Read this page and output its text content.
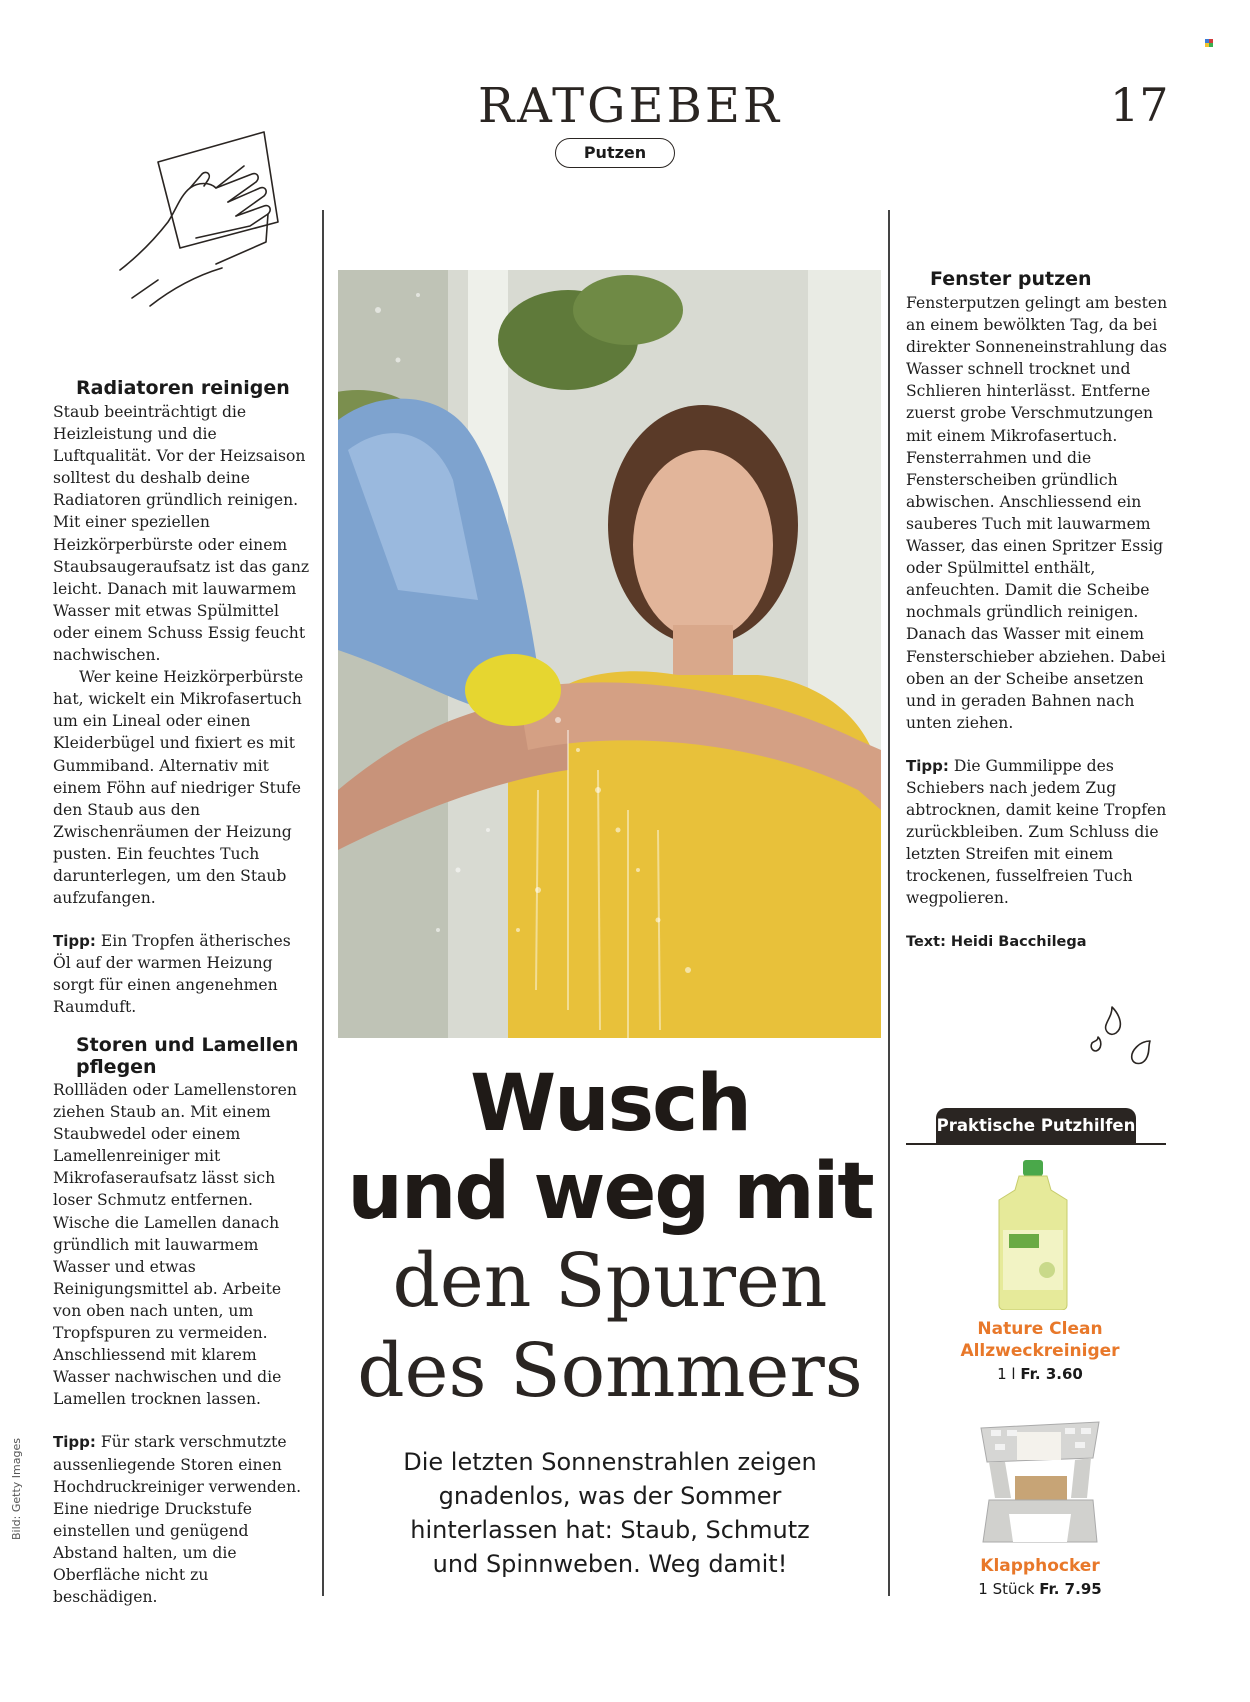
RATGEBER
Putzen
17
Radiatoren reinigen

Staub beeinträchtigt die Heizleistung und die Luftqualität. Vor der Heizsaison solltest du deshalb deine Radiatoren gründlich reinigen. Mit einer speziellen Heizkörperbürste oder einem Staubsaugeraufsatz ist das ganz leicht. Danach mit lauwarmem Wasser mit etwas Spülmittel oder einem Schuss Essig feucht nachwischen.

Wer keine Heizkörperbürste hat, wickelt ein Mikrofasertuch um ein Lineal oder einen Kleiderbügel und fixiert es mit Gummiband. Alternativ mit einem Föhn auf niedriger Stufe den Staub aus den Zwischenräumen der Heizung pusten. Ein feuchtes Tuch darunterlegen, um den Staub aufzufangen.

Tipp: Ein Tropfen ätherisches Öl auf der warmen Heizung sorgt für einen angenehmen Raumduft.

Storen und Lamellen pflegen

Rollläden oder Lamellenstoren ziehen Staub an. Mit einem Staubwedel oder einem Lamellenreiniger mit Mikrofaseraufsatz lässt sich loser Schmutz entfernen. Wische die Lamellen danach gründlich mit lauwarmem Wasser und etwas Reinigungsmittel ab. Arbeite von oben nach unten, um Tropfspuren zu vermeiden. Anschliessend mit klarem Wasser nachwischen und die Lamellen trocknen lassen.

Tipp: Für stark verschmutzte aussenliegende Storen einen Hochdruckreiniger verwenden. Eine niedrige Druckstufe einstellen und genügend Abstand halten, um die Oberfläche nicht zu beschädigen.

Bild: Getty Images
Wusch
und weg mit
den Spuren
des Sommers
Die letzten Sonnenstrahlen zeigen gnadenlos, was der Sommer hinterlassen hat: Staub, Schmutz und Spinnweben. Weg damit!
Fenster putzen

Fensterputzen gelingt am besten an einem bewölkten Tag, da bei direkter Sonneneinstrahlung das Wasser schnell trocknet und Schlieren hinterlässt. Entferne zuerst grobe Verschmutzungen mit einem Mikrofasertuch. Fensterrahmen und die Fensterscheiben gründlich abwischen. Anschliessend ein sauberes Tuch mit lauwarmem Wasser, das einen Spritzer Essig oder Spülmittel enthält, anfeuchten. Damit die Scheibe nochmals gründlich reinigen. Danach das Wasser mit einem Fensterschieber abziehen. Dabei oben an der Scheibe ansetzen und in geraden Bahnen nach unten ziehen.

Tipp: Die Gummilippe des Schiebers nach jedem Zug abtrocknen, damit keine Tropfen zurückbleiben. Zum Schluss die letzten Streifen mit einem trockenen, fusselfreien Tuch wegpolieren.

Text: Heidi Bacchilega

Praktische Putzhilfen
Nature Clean
Allzweckreiniger
1 l Fr. 3.60
Klapphocker
1 Stück Fr. 7.95
